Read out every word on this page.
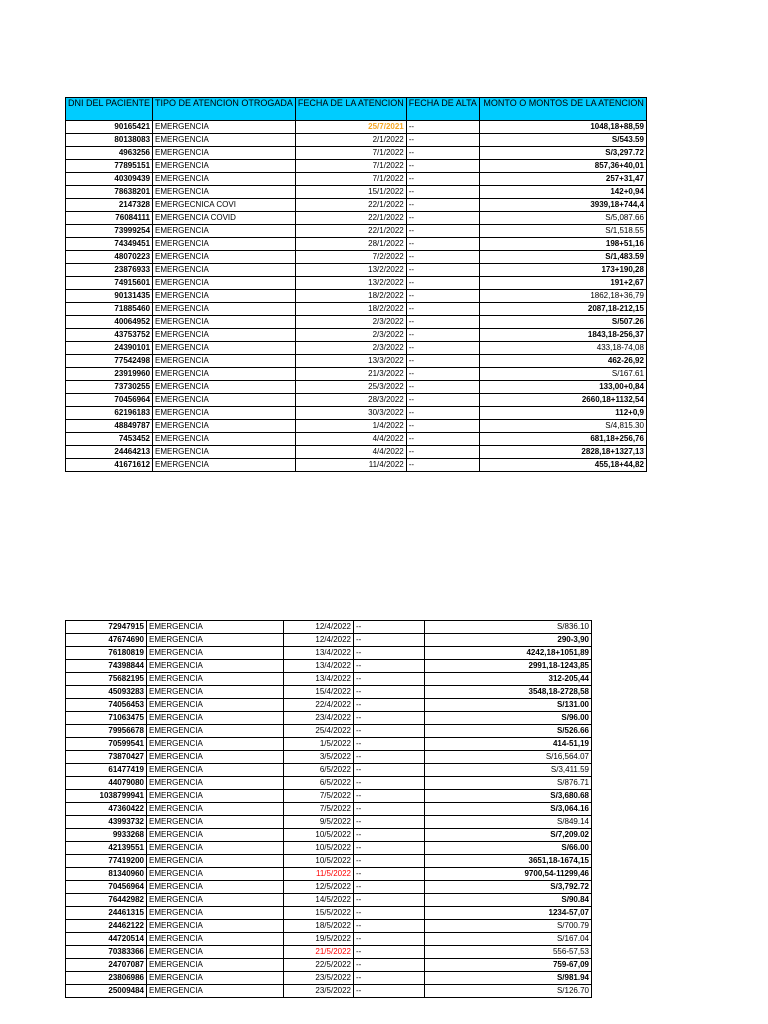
DNI DEL PACIENTE	TIPO DE ATENCION OTROGADA	FECHA DE LA ATENCION	FECHA DE ALTA	MONTO O MONTOS DE LA ATENCION
90165421	EMERGENCIA	25/7/2021	--	1048,18+88,59
80138083	EMERGENCIA	2/1/2022	--	S/543.59
4963256	EMERGENCIA	7/1/2022	--	S/3,297.72
77895151	EMERGENCIA	7/1/2022	--	857,36+40,01
40309439	EMERGENCIA	7/1/2022	--	257+31,47
78638201	EMERGENCIA	15/1/2022	--	142+0,94
2147328	EMERGECNICA COVI	22/1/2022	--	3939,18+744,4
76084111	EMERGENCIA COVID	22/1/2022	--	S/5,087.66
73999254	EMERGENCIA	22/1/2022	--	S/1,518.55
74349451	EMERGENCIA	28/1/2022	--	198+51,16
48070223	EMERGENCIA	7/2/2022	--	S/1,483.59
23876933	EMERGENCIA	13/2/2022	--	173+190,28
74915601	EMERGENCIA	13/2/2022	--	191+2,67
90131435	EMERGENCIA	18/2/2022	--	1862,18+36,79
71885460	EMERGENCIA	18/2/2022	--	2087,18-212,15
40064952	EMERGENCIA	2/3/2022	--	S/507.26
43753752	EMERGENCIA	2/3/2022	--	1843,18-256,37
24390101	EMERGENCIA	2/3/2022	--	433,18-74,08
77542498	EMERGENCIA	13/3/2022	--	462-26,92
23919960	EMERGENCIA	21/3/2022	--	S/167.61
73730255	EMERGENCIA	25/3/2022	--	133,00+0,84
70456964	EMERGENCIA	28/3/2022	--	2660,18+1132,54
62196183	EMERGENCIA	30/3/2022	--	112+0,9
48849787	EMERGENCIA	1/4/2022	--	S/4,815.30
7453452	EMERGENCIA	4/4/2022	--	681,18+256,76
24464213	EMERGENCIA	4/4/2022	--	2828,18+1327,13
41671612	EMERGENCIA	11/4/2022	--	455,18+44,82
72947915	EMERGENCIA	12/4/2022	--	S/836.10
47674690	EMERGENCIA	12/4/2022	--	290-3,90
76180819	EMERGENCIA	13/4/2022	--	4242,18+1051,89
74398844	EMERGENCIA	13/4/2022	--	2991,18-1243,85
75682195	EMERGENCIA	13/4/2022	--	312-205,44
45093283	EMERGENCIA	15/4/2022	--	3548,18-2728,58
74056453	EMERGENCIA	22/4/2022	--	S/131.00
71063475	EMERGENCIA	23/4/2022	--	S/96.00
79956678	EMERGENCIA	25/4/2022	--	S/526.66
70599541	EMERGENCIA	1/5/2022	--	414-51,19
73870427	EMERGENCIA	3/5/2022	--	S/16,564.07
61477419	EMERGENCIA	6/5/2022	--	S/3,411.59
44079080	EMERGENCIA	6/5/2022	--	S/876.71
1038799941	EMERGENCIA	7/5/2022	--	S/3,680.68
47360422	EMERGENCIA	7/5/2022	--	S/3,064.16
43993732	EMERGENCIA	9/5/2022	--	S/849.14
9933268	EMERGENCIA	10/5/2022	--	S/7,209.02
42139551	EMERGENCIA	10/5/2022	--	S/66.00
77419200	EMERGENCIA	10/5/2022	--	3651,18-1674,15
81340960	EMERGENCIA	11/5/2022	--	9700,54-11299,46
70456964	EMERGENCIA	12/5/2022	--	S/3,792.72
76442982	EMERGENCIA	14/5/2022	--	S/90.84
24461315	EMERGENCIA	15/5/2022	--	1234-57,07
24462122	EMERGENCIA	18/5/2022	--	S/700.79
44720514	EMERGENCIA	19/5/2022	--	S/167.04
70383366	EMERGENCIA	21/5/2022	--	556-57,53
24707087	EMERGENCIA	22/5/2022	--	759-67,09
23806986	EMERGENCIA	23/5/2022	--	S/981.94
25009484	EMERGENCIA	23/5/2022	--	S/126.70
